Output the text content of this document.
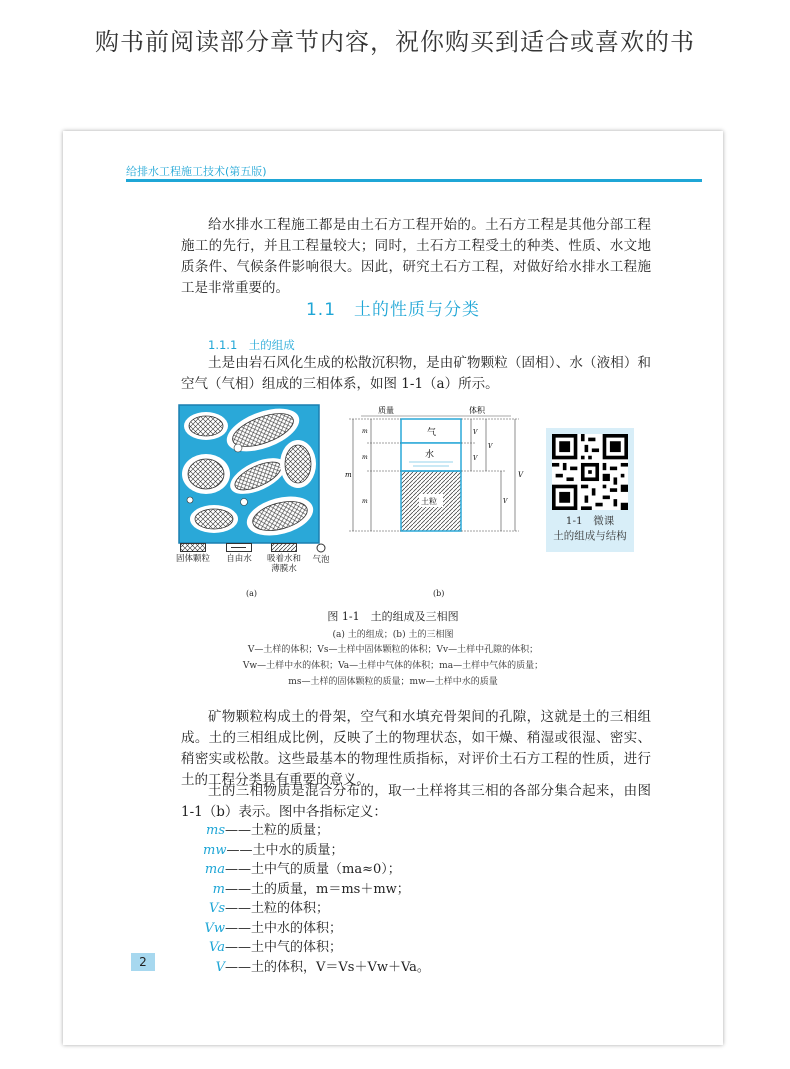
购书前阅读部分章节内容，祝你购买到适合或喜欢的书
给排水工程施工技术(第五版)
给水排水工程施工都是由土石方工程开始的。土石方工程是其他分部工程施工的先行，并且工程量较大；同时，土石方工程受土的种类、性质、水文地质条件、气候条件影响很大。因此，研究土石方工程，对做好给水排水工程施工是非常重要的。
1.1　土的性质与分类
1.1.1　土的组成
土是由岩石风化生成的松散沉积物，是由矿物颗粒（固相）、水（液相）和空气（气相）组成的三相体系，如图 1-1（a）所示。
固体颗粒	自由水	吸着水和薄膜水
气泡
(a)
质量	体积
气
水
土粒
m
m
m
m
V
V
V
V
V
(b)
1-1　微课
土的组成与结构
图 1-1　土的组成及三相图
(a) 土的组成；(b) 土的三相图
V—土样的体积；Vs—土样中固体颗粒的体积；Vv—土样中孔隙的体积；
Vw—土样中水的体积；Va—土样中气体的体积；ma—土样中气体的质量；
ms—土样的固体颗粒的质量；mw—土样中水的质量
矿物颗粒构成土的骨架，空气和水填充骨架间的孔隙，这就是土的三相组成。土的三相组成比例，反映了土的物理状态，如干燥、稍湿或很湿、密实、稍密实或松散。这些最基本的物理性质指标，对评价土石方工程的性质，进行土的工程分类具有重要的意义。
土的三相物质是混合分布的，取一土样将其三相的各部分集合起来，由图 1-1（b）表示。图中各指标定义：
ms——土粒的质量；
mw——土中水的质量；
ma——土中气的质量（ma≈0）；
m——土的质量，m＝ms＋mw；
Vs——土粒的体积；
Vw——土中水的体积；
Va——土中气的体积；
V——土的体积，V＝Vs＋Vw＋Va。
2
